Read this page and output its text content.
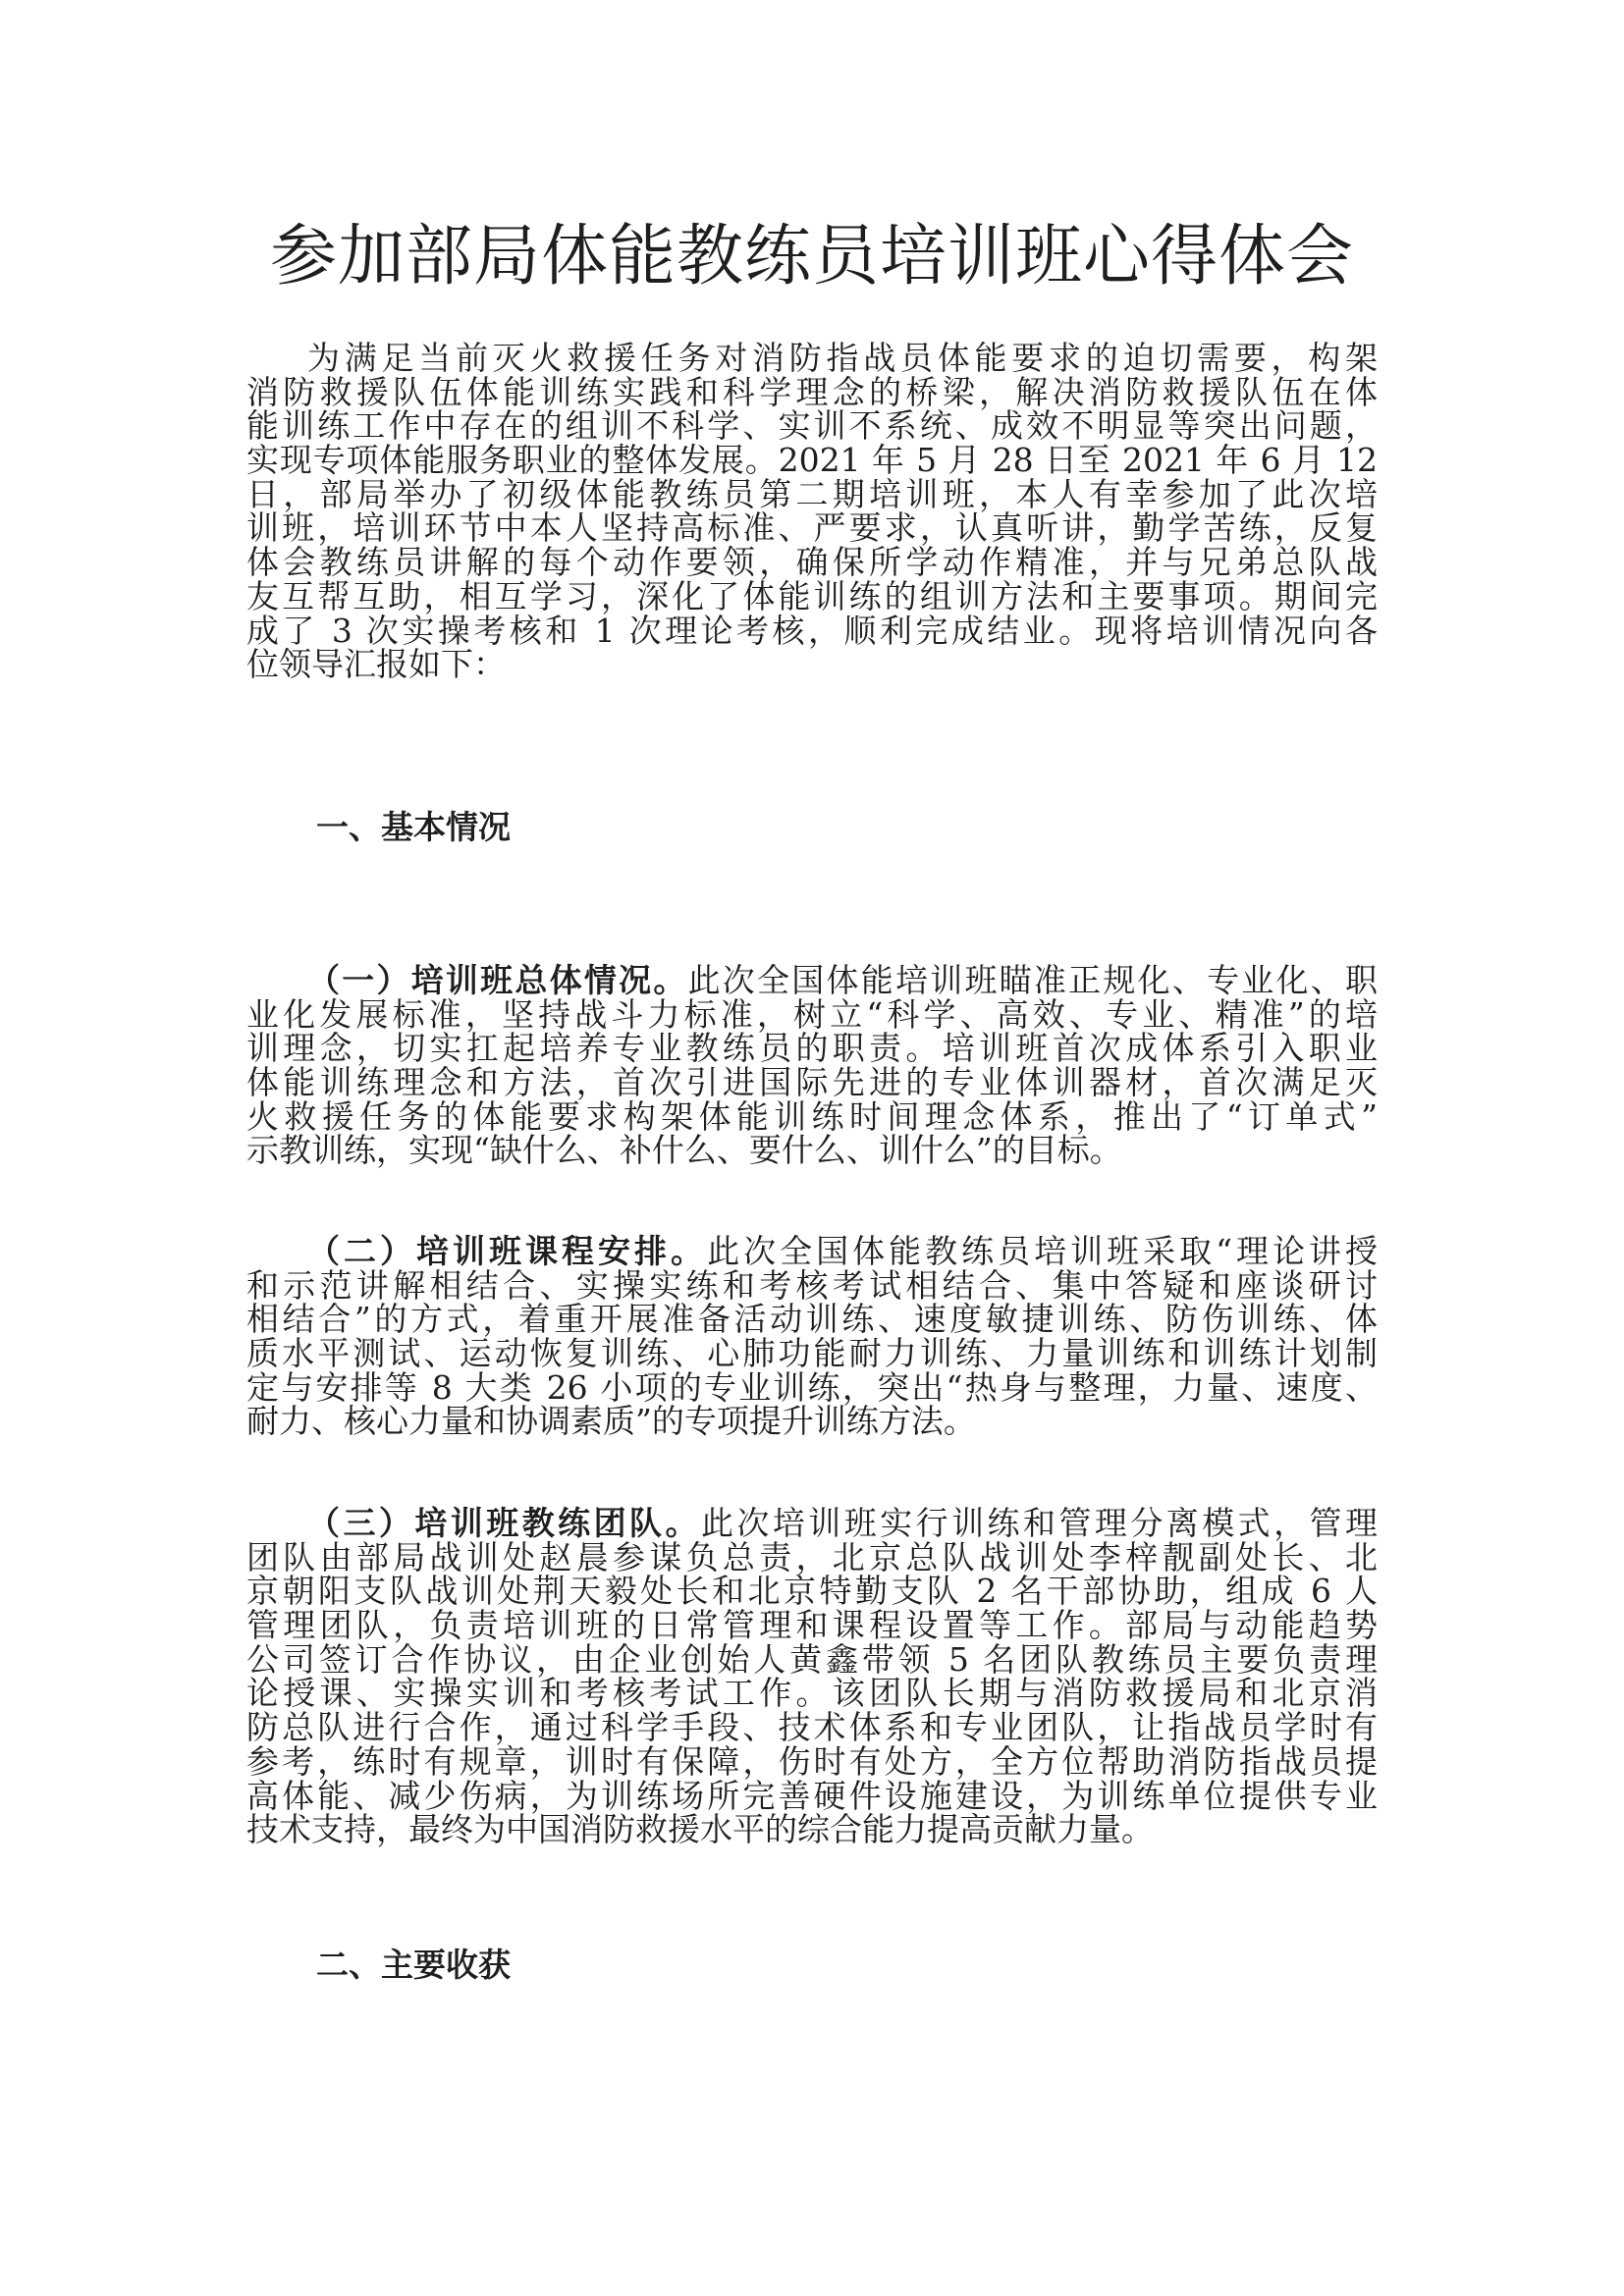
参加部局体能教练员培训班心得体会
为满足当前灭火救援任务对消防指战员体能要求的迫切需要，构架
消防救援队伍体能训练实践和科学理念的桥梁，解决消防救援队伍在体
能训练工作中存在的组训不科学、实训不系统、成效不明显等突出问题，
实现专项体能服务职业的整体发展。2021 年 5 月 28 日至 2021 年 6 月 12
日，部局举办了初级体能教练员第二期培训班，本人有幸参加了此次培
训班，培训环节中本人坚持高标准、严要求，认真听讲，勤学苦练，反复
体会教练员讲解的每个动作要领，确保所学动作精准，并与兄弟总队战
友互帮互助，相互学习，深化了体能训练的组训方法和主要事项。期间完
成了 3 次实操考核和 1 次理论考核，顺利完成结业。现将培训情况向各
位领导汇报如下：
一、基本情况
（一）培训班总体情况。此次全国体能培训班瞄准正规化、专业化、职
业化发展标准，坚持战斗力标准，树立“科学、高效、专业、精准”的培
训理念，切实扛起培养专业教练员的职责。培训班首次成体系引入职业
体能训练理念和方法，首次引进国际先进的专业体训器材，首次满足灭
火救援任务的体能要求构架体能训练时间理念体系，推出了“订单式”
示教训练，实现“缺什么、补什么、要什么、训什么”的目标。
（二）培训班课程安排。此次全国体能教练员培训班采取“理论讲授
和示范讲解相结合、实操实练和考核考试相结合、集中答疑和座谈研讨
相结合”的方式，着重开展准备活动训练、速度敏捷训练、防伤训练、体
质水平测试、运动恢复训练、心肺功能耐力训练、力量训练和训练计划制
定与安排等 8 大类 26 小项的专业训练，突出“热身与整理，力量、速度、
耐力、核心力量和协调素质”的专项提升训练方法。
（三）培训班教练团队。此次培训班实行训练和管理分离模式，管理
团队由部局战训处赵晨参谋负总责，北京总队战训处李梓靓副处长、北
京朝阳支队战训处荆天毅处长和北京特勤支队 2 名干部协助，组成 6 人
管理团队，负责培训班的日常管理和课程设置等工作。部局与动能趋势
公司签订合作协议，由企业创始人黄鑫带领 5 名团队教练员主要负责理
论授课、实操实训和考核考试工作。该团队长期与消防救援局和北京消
防总队进行合作，通过科学手段、技术体系和专业团队，让指战员学时有
参考，练时有规章，训时有保障，伤时有处方，全方位帮助消防指战员提
高体能、减少伤病，为训练场所完善硬件设施建设，为训练单位提供专业
技术支持，最终为中国消防救援水平的综合能力提高贡献力量。
二、主要收获
